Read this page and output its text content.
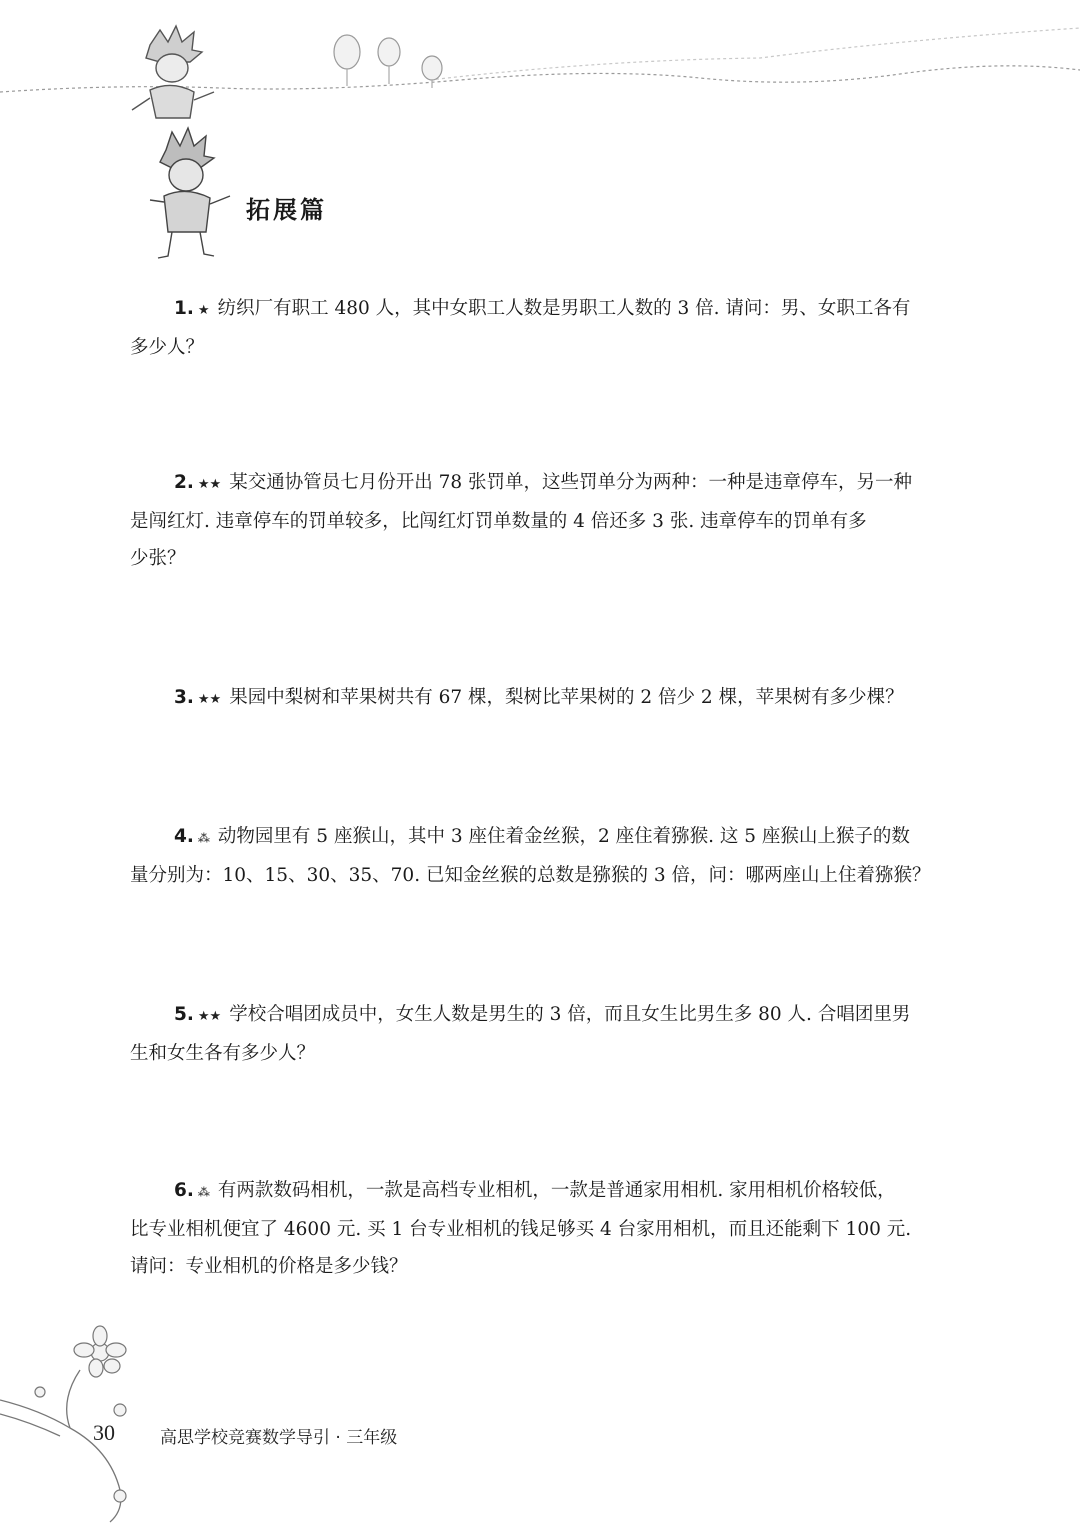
拓展篇
1. ★ 纺织厂有职工 480 人，其中女职工人数是男职工人数的 3 倍. 请问：男、女职工各有
多少人？
2. ★★ 某交通协管员七月份开出 78 张罚单，这些罚单分为两种：一种是违章停车，另一种
是闯红灯. 违章停车的罚单较多，比闯红灯罚单数量的 4 倍还多 3 张. 违章停车的罚单有多
少张？
3. ★★ 果园中梨树和苹果树共有 67 棵，梨树比苹果树的 2 倍少 2 棵，苹果树有多少棵？
4. ⁂ 动物园里有 5 座猴山，其中 3 座住着金丝猴，2 座住着猕猴. 这 5 座猴山上猴子的数
量分别为：10、15、30、35、70. 已知金丝猴的总数是猕猴的 3 倍，问：哪两座山上住着猕猴？
5. ★★ 学校合唱团成员中，女生人数是男生的 3 倍，而且女生比男生多 80 人. 合唱团里男
生和女生各有多少人？
6. ⁂ 有两款数码相机，一款是高档专业相机，一款是普通家用相机. 家用相机价格较低，
比专业相机便宜了 4600 元. 买 1 台专业相机的钱足够买 4 台家用相机，而且还能剩下 100 元.
请问：专业相机的价格是多少钱？
30	高思学校竞赛数学导引 · 三年级
